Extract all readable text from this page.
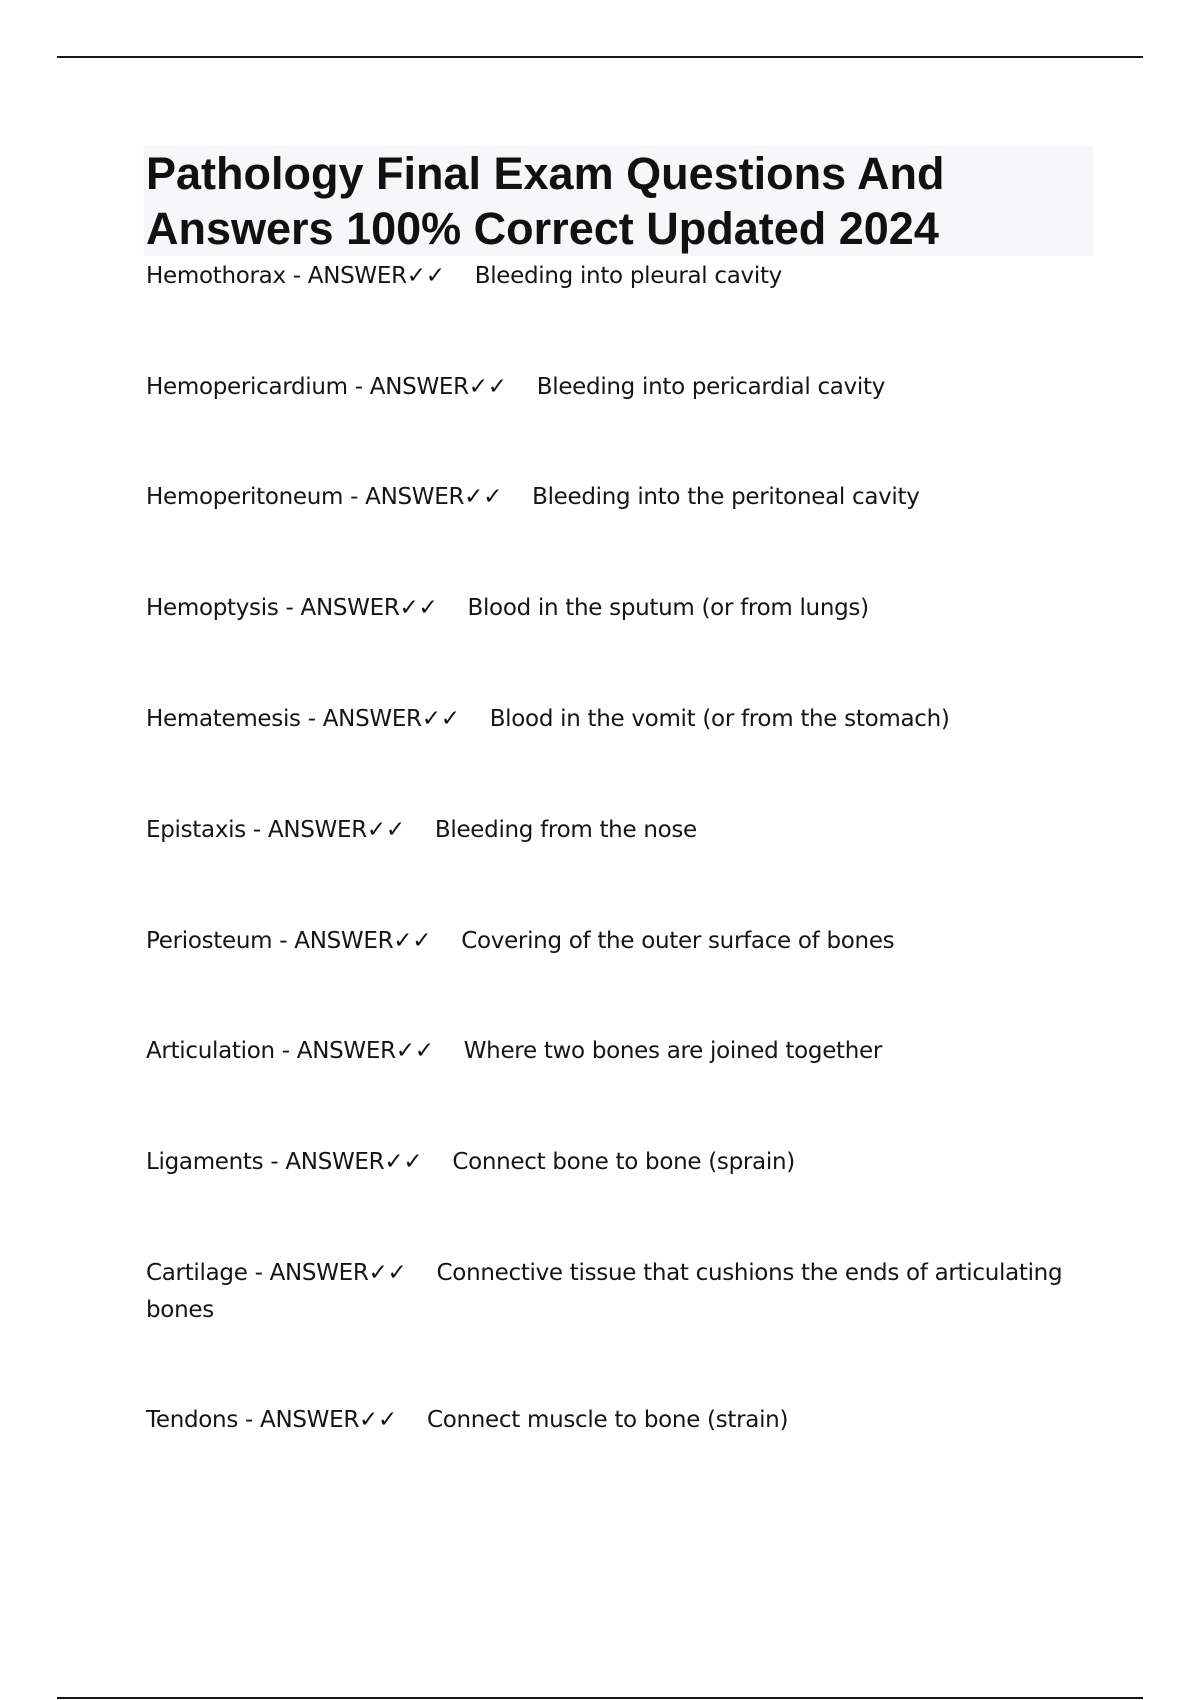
Pathology Final Exam Questions And
Answers 100% Correct Updated 2024
Hemothorax - ANSWER✓✓ Bleeding into pleural cavity
Hemopericardium - ANSWER✓✓ Bleeding into pericardial cavity
Hemoperitoneum - ANSWER✓✓ Bleeding into the peritoneal cavity
Hemoptysis - ANSWER✓✓ Blood in the sputum (or from lungs)
Hematemesis - ANSWER✓✓ Blood in the vomit (or from the stomach)
Epistaxis - ANSWER✓✓ Bleeding from the nose
Periosteum - ANSWER✓✓ Covering of the outer surface of bones
Articulation - ANSWER✓✓ Where two bones are joined together
Ligaments - ANSWER✓✓ Connect bone to bone (sprain)
Cartilage - ANSWER✓✓ Connective tissue that cushions the ends of articulating bones
Tendons - ANSWER✓✓ Connect muscle to bone (strain)
